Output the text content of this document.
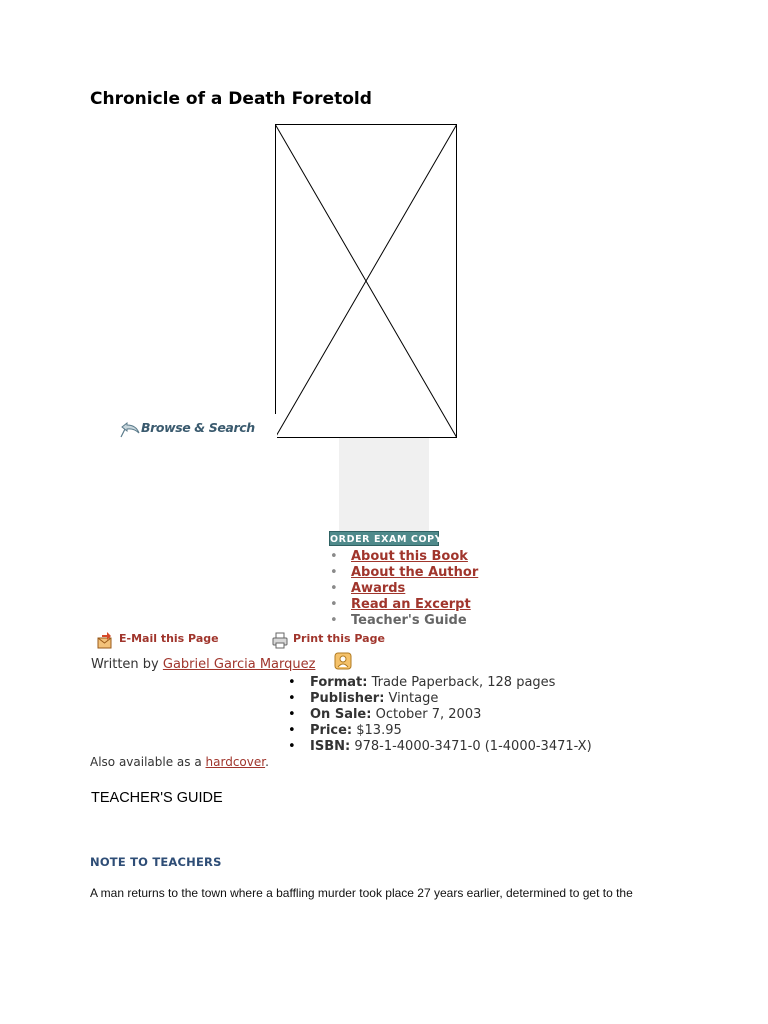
Chronicle of a Death Foretold
Browse & Search
ORDER EXAM COPY
• About this Book
• About the Author
• Awards
• Read an Excerpt
• Teacher's Guide
E-Mail this Page	Print this Page
Written by Gabriel Garcia Marquez
• Format: Trade Paperback, 128 pages
• Publisher: Vintage
• On Sale: October 7, 2003
• Price: $13.95
• ISBN: 978-1-4000-3471-0 (1-4000-3471-X)
Also available as a hardcover.
TEACHER'S GUIDE
NOTE TO TEACHERS

A man returns to the town where a baffling murder took place 27 years earlier, determined to get to the
